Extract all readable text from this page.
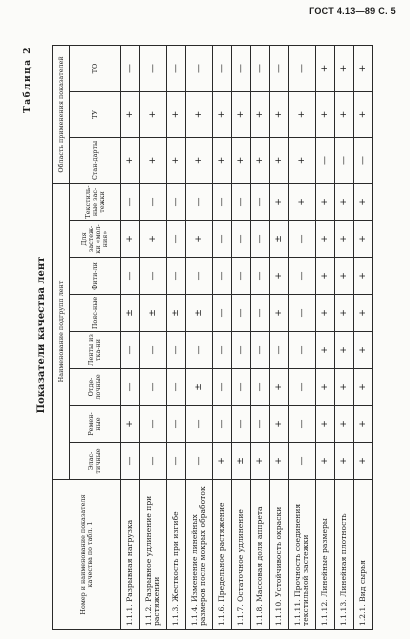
ГОСТ 4.13—89 С. 5
Таблица 2
Показатели качества лент
Номер и наименование показателя качества по табл. 1	Наименование подгрупп лент								Область применения показателей		
	Элас-тичные	Ремен-ные	Отде-лочные	Ленты из тка-ни	Пояс-ные	Фити-ли	Для застеж-ки «мол-ния»	Текстиль-ные зас-тежки	Стан-дарты	ТУ	ТО
1.1.1. Разрывная нагрузка	—	+	—	—	±	—	+	—	+	+	—
1.1.2. Разрывное удлинение при растяжении	—	—	—	—	±	—	+	—	+	+	—
1.1.3. Жесткость при изгибе	—	—	—	—	±	—	—	—	+	+	—
1.1.4. Изменение линейных размеров после мокрых обработок	—	—	±	—	±	—	+	—	+	+	—
1.1.6. Предельное растяжение	+	—	—	—	—	—	—	—	+	+	—
1.1.7. Остаточное удлинение	±	—	—	—	—	—	—	—	+	+	—
1.1.8. Массовая доля аппрета	+	—	—	—	—	—	—	—	+	+	—
1.1.10. Устойчивость окраски	+	+	+	—	+	+	±	+	+	+	—
1.1.11. Прочность соединения текстильной застежки	—	—	—	—	—	—	—	+	+	+	—
1.1.12. Линейные размеры	+	+	+	+	+	+	+	+	—	+	+
1.1.13. Линейная плотность	+	+	+	+	+	+	+	+	—	+	+
1.2.1. Вид сырья	+	+	+	+	+	+	+	+	—	+	+
